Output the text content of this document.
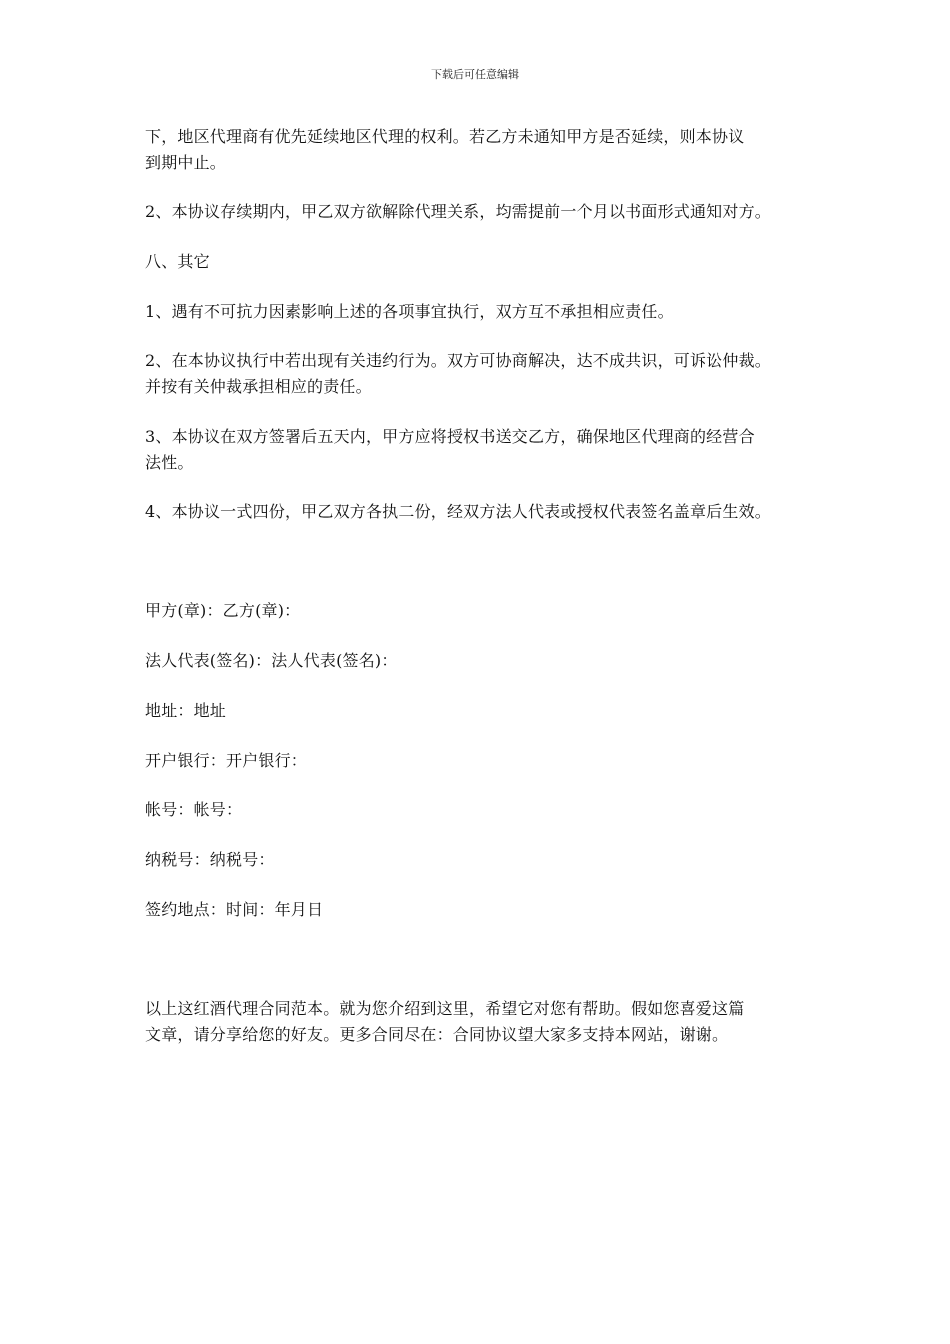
下载后可任意编辑
下，地区代理商有优先延续地区代理的权利。若乙方未通知甲方是否延续，则本协议
到期中止。
2、本协议存续期内，甲乙双方欲解除代理关系，均需提前一个月以书面形式通知对方。
八、其它
1、遇有不可抗力因素影响上述的各项事宜执行，双方互不承担相应责任。
2、在本协议执行中若出现有关违约行为。双方可协商解决，达不成共识，可诉讼仲裁。
并按有关仲裁承担相应的责任。
3、本协议在双方签署后五天内，甲方应将授权书送交乙方，确保地区代理商的经营合
法性。
4、本协议一式四份，甲乙双方各执二份，经双方法人代表或授权代表签名盖章后生效。
甲方(章)：乙方(章)：
法人代表(签名)：法人代表(签名)：
地址：地址
开户银行：开户银行：
帐号：帐号：
纳税号：纳税号：
签约地点：时间：年月日
以上这红酒代理合同范本。就为您介绍到这里，希望它对您有帮助。假如您喜爱这篇
文章，请分享给您的好友。更多合同尽在：合同协议望大家多支持本网站，谢谢。
